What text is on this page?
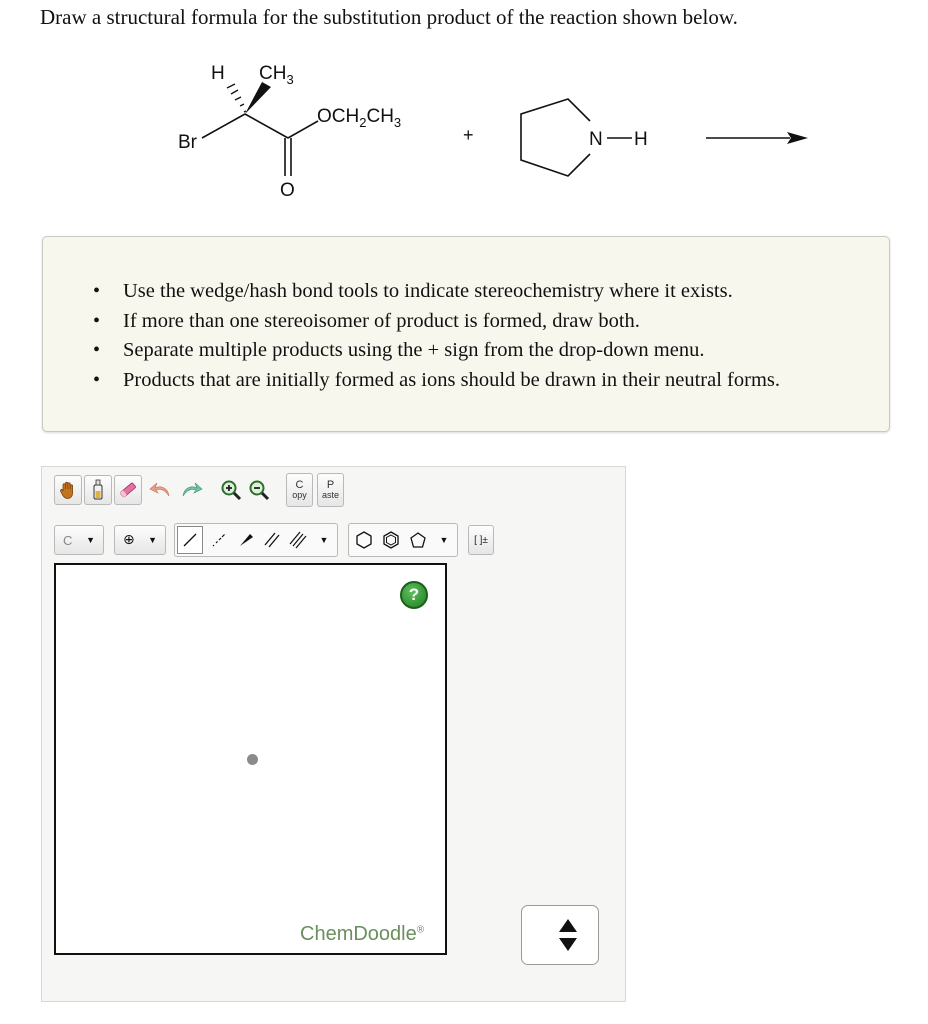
Draw a structural formula for the substitution product of the reaction shown below.
Br
H $CH_3$
O
$OCH_2CH_3$
+	N H
• Use the wedge/hash bond tools to indicate stereochemistry where it exists.
• If more than one stereoisomer of product is formed, draw both.
• Separate multiple products using the + sign from the drop-down menu.
• Products that are initially formed as ions should be drawn in their neutral forms.
C
opy
P
aste
C ▼ ⊕ ▼	▼	▼	[ ]±
?
ChemDoodle®
